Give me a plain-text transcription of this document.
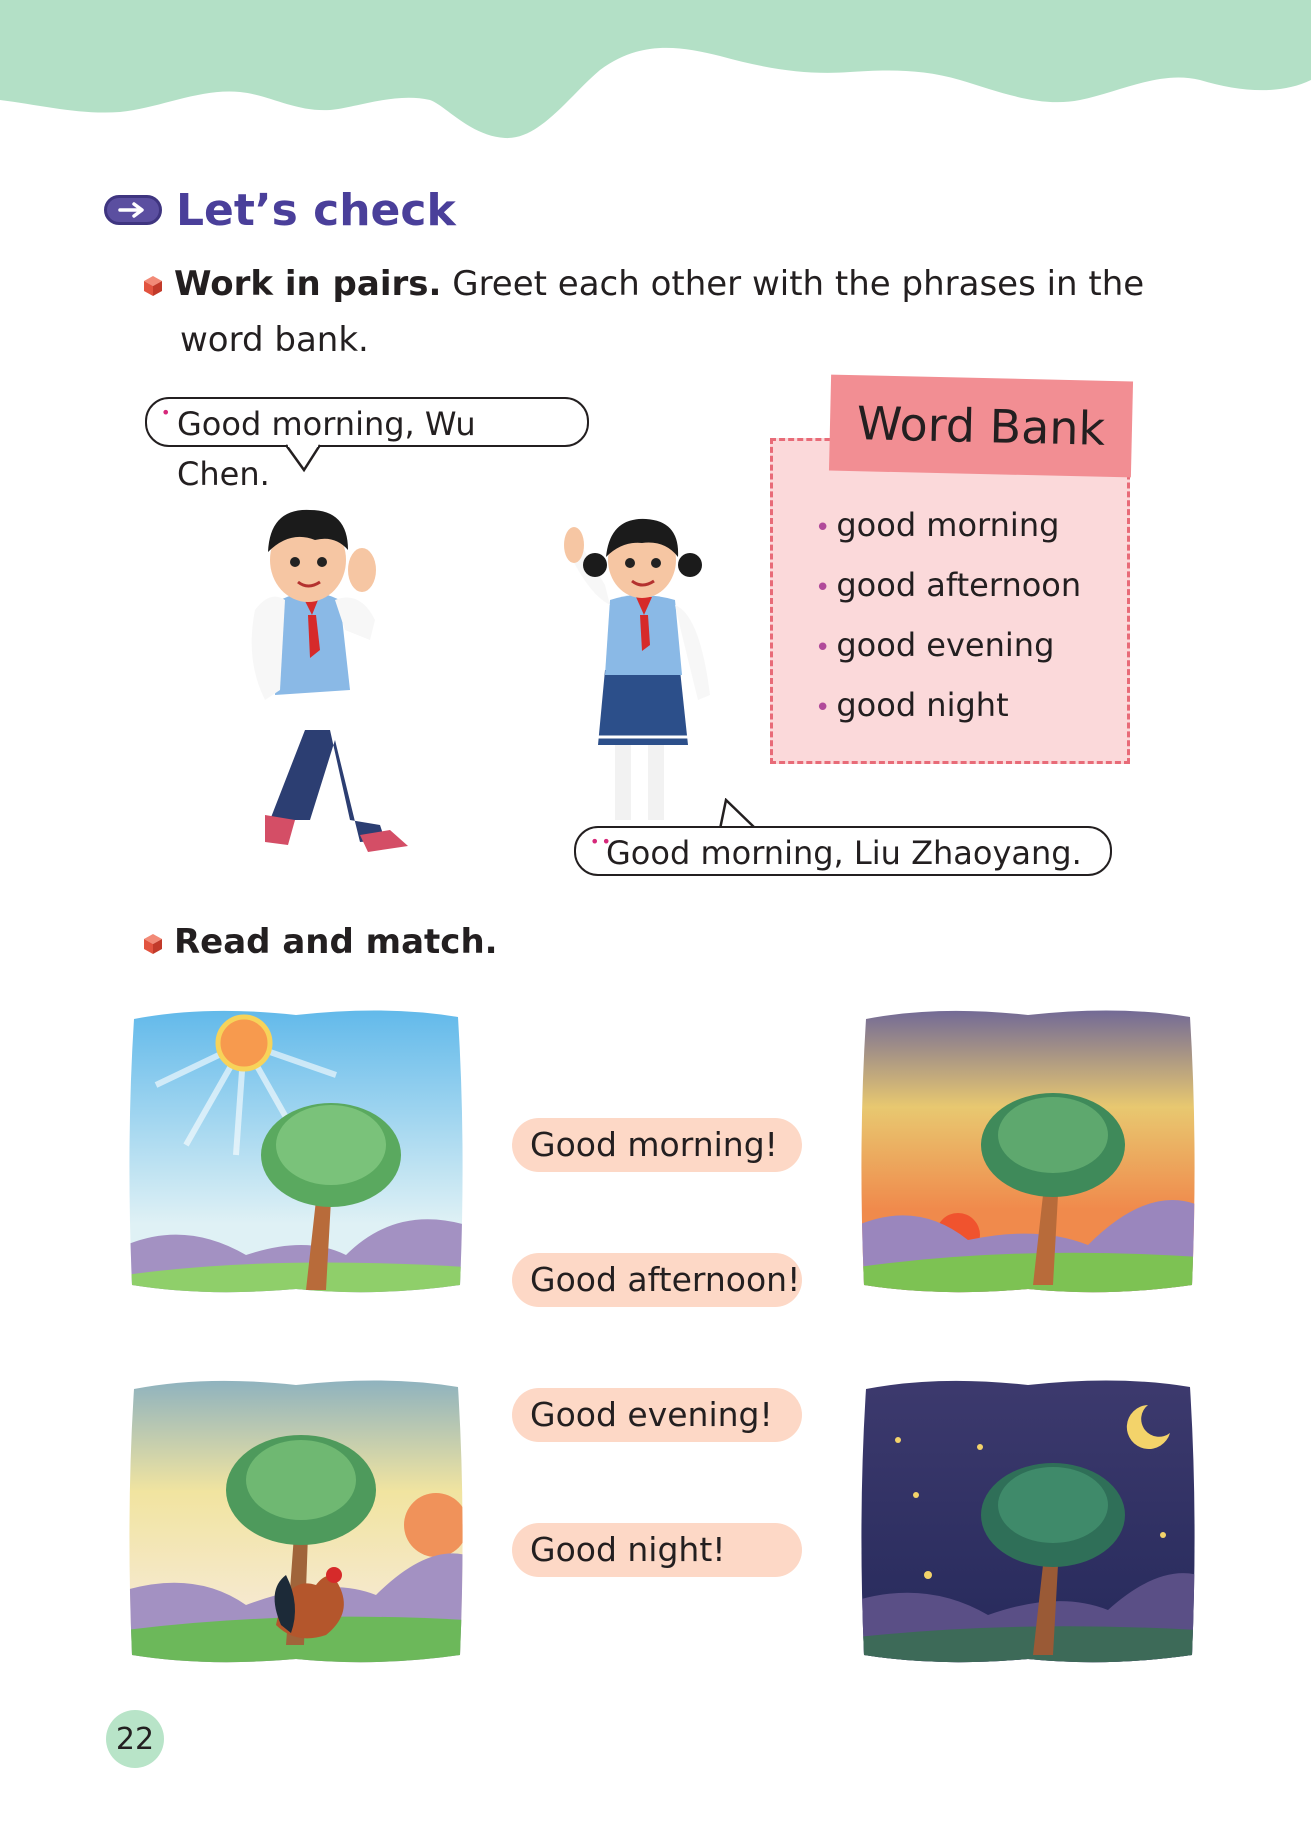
Let’s check
Work in pairs. Greet each other with the phrases in the
word bank.
• Good morning, Wu Chen.
••
Good morning, Liu Zhaoyang.
• good morning
• good afternoon
• good evening
• good night
Word Bank
Read and match.
Good morning!
Good afternoon!
Good evening!
Good night!
22
